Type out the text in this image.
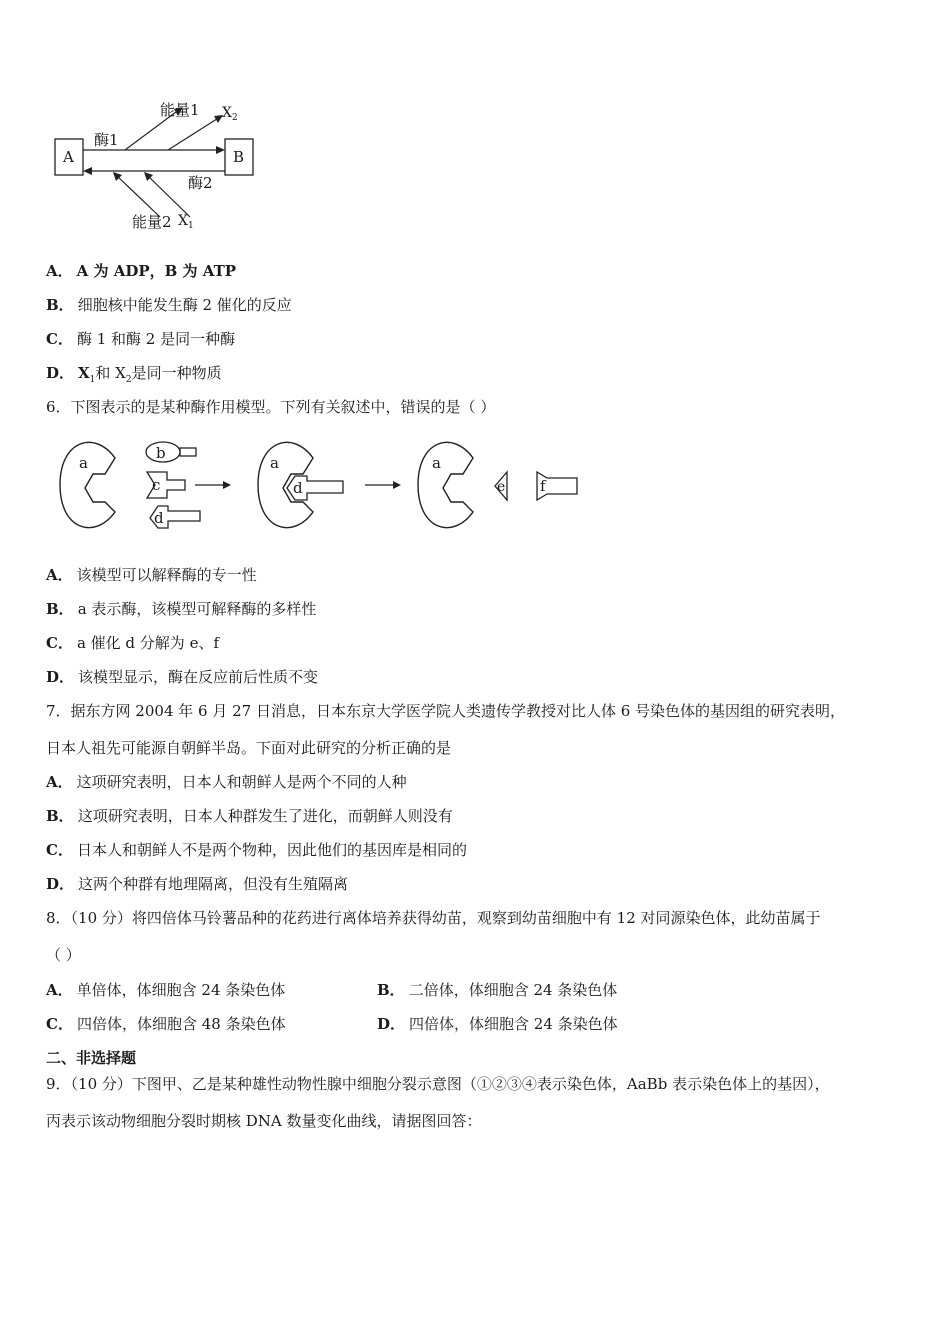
A	B
酶1
酶2
能量1 $X_2$
能量2 $X_1$
A． A 为 ADP，B 为 ATP
B． 细胞核中能发生酶 2 催化的反应
C． 酶 1 和酶 2 是同一种酶
D． $X_1$和 $X_2$是同一种物质
6．下图表示的是某种酶作用模型。下列有关叙述中，错误的是（ ）
a
b
c
d
a
d
a
e f
A． 该模型可以解释酶的专一性
B． a 表示酶，该模型可解释酶的多样性
C． a 催化 d 分解为 e、f
D． 该模型显示，酶在反应前后性质不变
7．据东方网 2004 年 6 月 27 日消息，日本东京大学医学院人类遗传学教授对比人体 6 号染色体的基因组的研究表明，
日本人祖先可能源自朝鲜半岛。下面对此研究的分析正确的是
A． 这项研究表明，日本人和朝鲜人是两个不同的人种
B． 这项研究表明，日本人种群发生了进化，而朝鲜人则没有
C． 日本人和朝鲜人不是两个物种，因此他们的基因库是相同的
D． 这两个种群有地理隔离，但没有生殖隔离
8．（10 分）将四倍体马铃薯品种的花药进行离体培养获得幼苗，观察到幼苗细胞中有 12 对同源染色体，此幼苗属于
（ ）
A． 单倍体，体细胞含 24 条染色体	B． 二倍体，体细胞含 24 条染色体
C． 四倍体，体细胞含 48 条染色体	D． 四倍体，体细胞含 24 条染色体
二、非选择题
9．（10 分）下图甲、乙是某种雄性动物性腺中细胞分裂示意图（①②③④表示染色体，AaBb 表示染色体上的基因），
丙表示该动物细胞分裂时期核 DNA 数量变化曲线，请据图回答：
